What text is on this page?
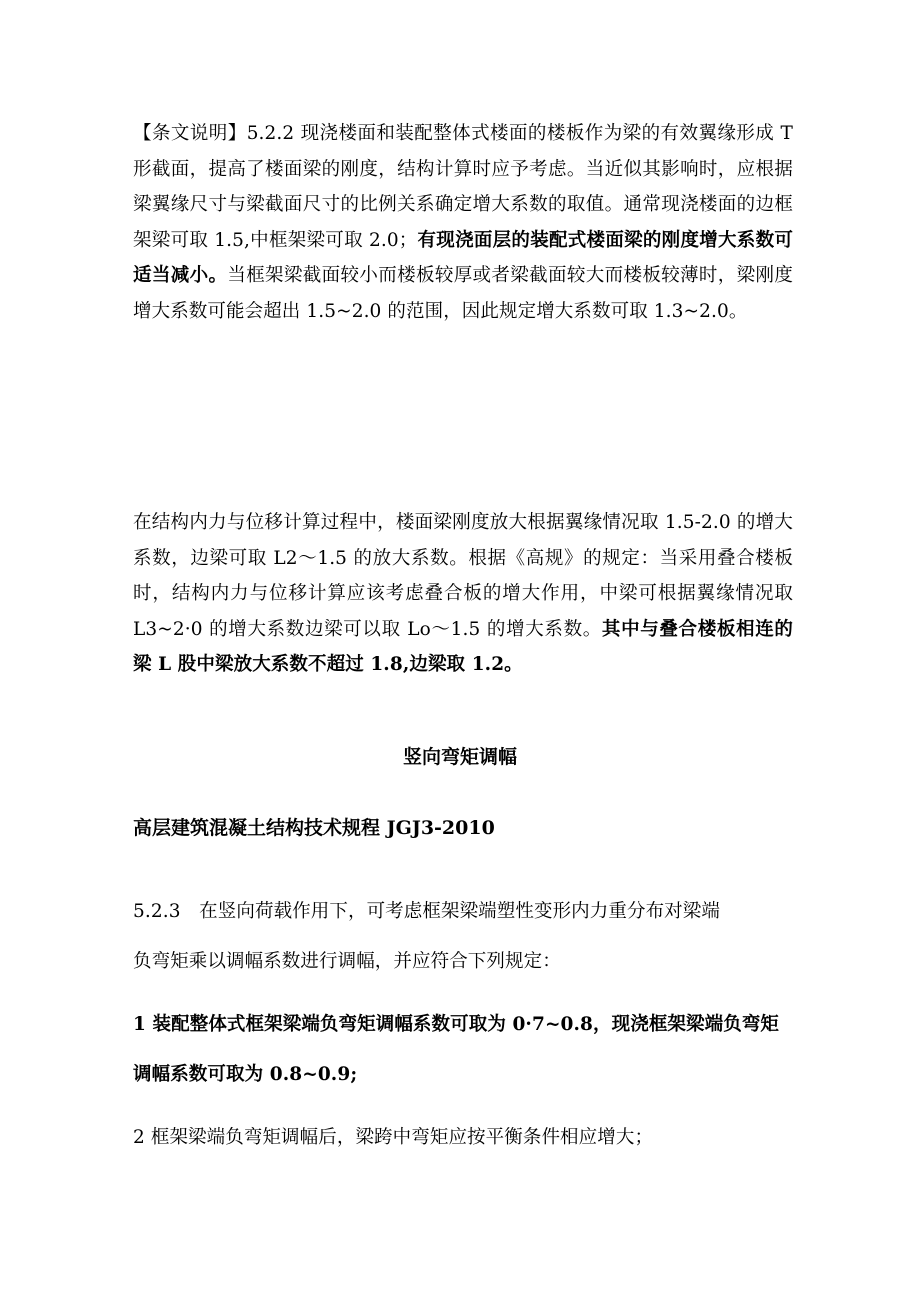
【条文说明】5.2.2 现浇楼面和装配整体式楼面的楼板作为梁的有效翼缘形成 T 形截面，提高了楼面梁的刚度，结构计算时应予考虑。当近似其影响时，应根据梁翼缘尺寸与梁截面尺寸的比例关系确定增大系数的取值。通常现浇楼面的边框架梁可取 1.5,中框架梁可取 2.0；有现浇面层的装配式楼面梁的刚度增大系数可适当减小。当框架梁截面较小而楼板较厚或者梁截面较大而楼板较薄时，梁刚度增大系数可能会超出 1.5~2.0 的范围，因此规定增大系数可取 1.3~2.0。

在结构内力与位移计算过程中，楼面梁刚度放大根据翼缘情况取 1.5-2.0 的增大系数，边梁可取 L2～1.5 的放大系数。根据《高规》的规定：当采用叠合楼板时，结构内力与位移计算应该考虑叠合板的增大作用，中梁可根据翼缘情况取 L3~2·0 的增大系数边梁可以取 Lo～1.5 的增大系数。其中与叠合楼板相连的梁 L 股中梁放大系数不超过 1.8,边梁取 1.2。

竖向弯矩调幅
高层建筑混凝土结构技术规程 JGJ3-2010

5.2.3　在竖向荷载作用下，可考虑框架梁端塑性变形内力重分布对梁端
负弯矩乘以调幅系数进行调幅，并应符合下列规定：

1 装配整体式框架梁端负弯矩调幅系数可取为 0·7~0.8，现浇框架梁端负弯矩调幅系数可取为 0.8~0.9;

2 框架梁端负弯矩调幅后，梁跨中弯矩应按平衡条件相应增大；
